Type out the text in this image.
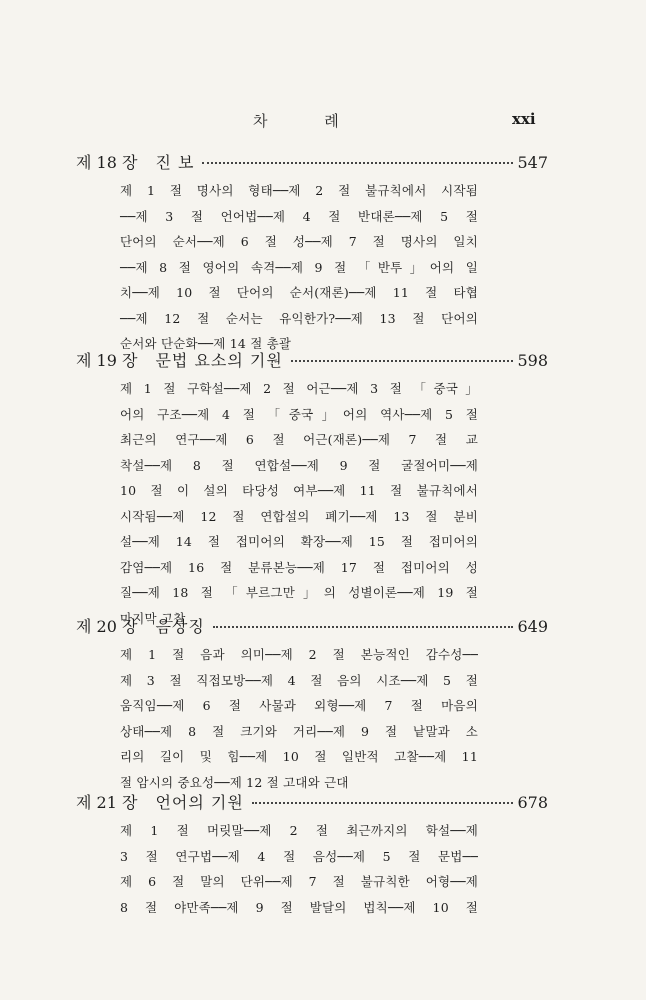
차 례	xxi
제 18 장 진 보	547
제 1 절 명사의 형태──제 2 절 불규칙에서 시작됨
──제 3 절 언어법──제 4 절 반대론──제 5 절
단어의 순서──제 6 절 성──제 7 절 명사의 일치
──제 8 절 영어의 속격──제 9 절 「반투」어의 일
치──제 10 절 단어의 순서(재론)──제 11 절 타협
──제 12 절 순서는 유익한가?──제 13 절 단어의
순서와 단순화──제 14 절 총괄
제 19 장 문법 요소의 기원	598
제 1 절 구학설──제 2 절 어근──제 3 절 「중국」
어의 구조──제 4 절 「중국」어의 역사──제 5 절
최근의 연구──제 6 절 어근(재론)──제 7 절 교
착설──제 8 절 연합설──제 9 절 굴절어미──제
10 절 이 설의 타당성 여부──제 11 절 불규칙에서
시작됨──제 12 절 연합설의 폐기──제 13 절 분비
설──제 14 절 접미어의 확장──제 15 절 접미어의
감염──제 16 절 분류본능──제 17 절 접미어의 성
질──제 18 절 「부르그만」의 성별이론──제 19 절
마지막 고찰
제 20 장 음상징	649
제 1 절 음과 의미──제 2 절 본능적인 감수성──
제 3 절 직접모방──제 4 절 음의 시조──제 5 절
움직임──제 6 절 사물과 외형──제 7 절 마음의
상태──제 8 절 크기와 거리──제 9 절 낱말과 소
리의 길이 및 힘──제 10 절 일반적 고찰──제 11
절 암시의 중요성──제 12 절 고대와 근대
제 21 장 언어의 기원	678
제 1 절 머릿말──제 2 절 최근까지의 학설──제
3 절 연구법──제 4 절 음성──제 5 절 문법──
제 6 절 말의 단위──제 7 절 불규칙한 어형──제
8 절 야만족──제 9 절 발달의 법칙──제 10 절
